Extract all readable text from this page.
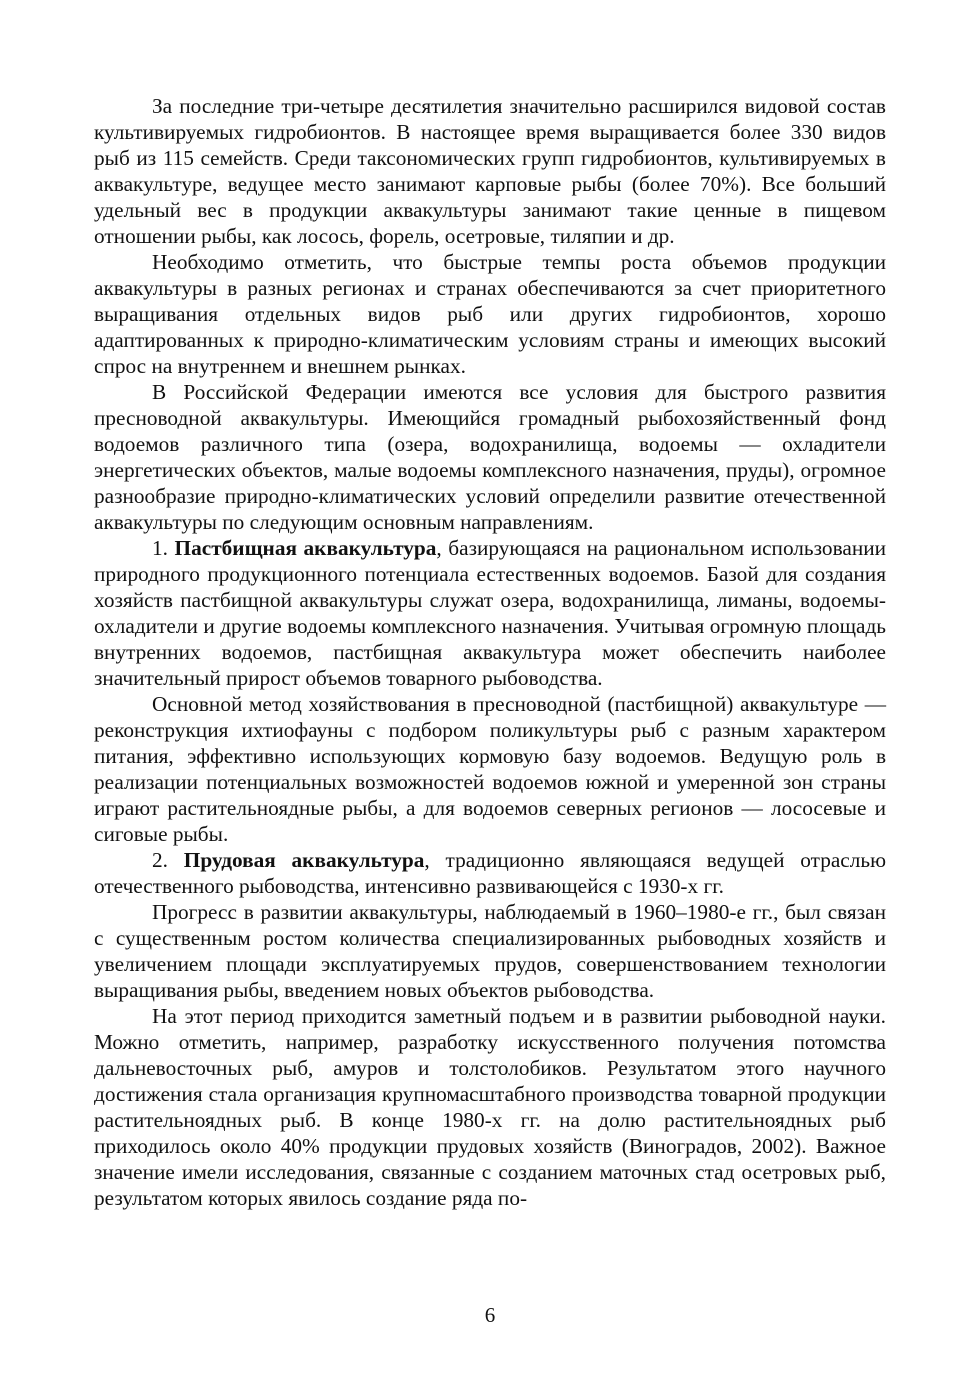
За последние три-четыре десятилетия значительно расширился видовой состав культивируемых гидробионтов. В настоящее время выращивается более 330 видов рыб из 115 семейств. Среди таксономических групп гидробионтов, культивируемых в аквакультуре, ведущее место занимают карповые рыбы (более 70%). Все больший удельный вес в продукции аквакультуры занимают такие ценные в пищевом отношении рыбы, как лосось, форель, осетровые, тиляпии и др.

Необходимо отметить, что быстрые темпы роста объемов продукции аквакультуры в разных регионах и странах обеспечиваются за счет приоритетного выращивания отдельных видов рыб или других гидробионтов, хорошо адаптированных к природно-климатическим условиям страны и имеющих высокий спрос на внутреннем и внешнем рынках.

В Российской Федерации имеются все условия для быстрого развития пресноводной аквакультуры. Имеющийся громадный рыбохозяйственный фонд водоемов различного типа (озера, водохранилища, водоемы — охладители энергетических объектов, малые водоемы комплексного назначения, пруды), огромное разнообразие природно-климатических условий определили развитие отечественной аквакультуры по следующим основным направлениям.

1. Пастбищная аквакультура, базирующаяся на рациональном использовании природного продукционного потенциала естественных водоемов. Базой для создания хозяйств пастбищной аквакультуры служат озера, водохранилища, лиманы, водоемы-охладители и другие водоемы комплексного назначения. Учитывая огромную площадь внутренних водоемов, пастбищная аквакультура может обеспечить наиболее значительный прирост объемов товарного рыбоводства.

Основной метод хозяйствования в пресноводной (пастбищной) аквакультуре — реконструкция ихтиофауны с подбором поликультуры рыб с разным характером питания, эффективно использующих кормовую базу водоемов. Ведущую роль в реализации потенциальных возможностей водоемов южной и умеренной зон страны играют растительноядные рыбы, а для водоемов северных регионов — лососевые и сиговые рыбы.

2. Прудовая аквакультура, традиционно являющаяся ведущей отраслью отечественного рыбоводства, интенсивно развивающейся с 1930-х гг.

Прогресс в развитии аквакультуры, наблюдаемый в 1960–1980-е гг., был связан с существенным ростом количества специализированных рыбоводных хозяйств и увеличением площади эксплуатируемых прудов, совершенствованием технологии выращивания рыбы, введением новых объектов рыбоводства.

На этот период приходится заметный подъем и в развитии рыбоводной науки. Можно отметить, например, разработку искусственного получения потомства дальневосточных рыб, амуров и толстолобиков. Результатом этого научного достижения стала организация крупномасштабного производства товарной продукции растительноядных рыб. В конце 1980-х гг. на долю растительноядных рыб приходилось около 40% продукции прудовых хозяйств (Виноградов, 2002). Важное значение имели исследования, связанные с созданием маточных стад осетровых рыб, результатом которых явилось создание ряда по-

6
